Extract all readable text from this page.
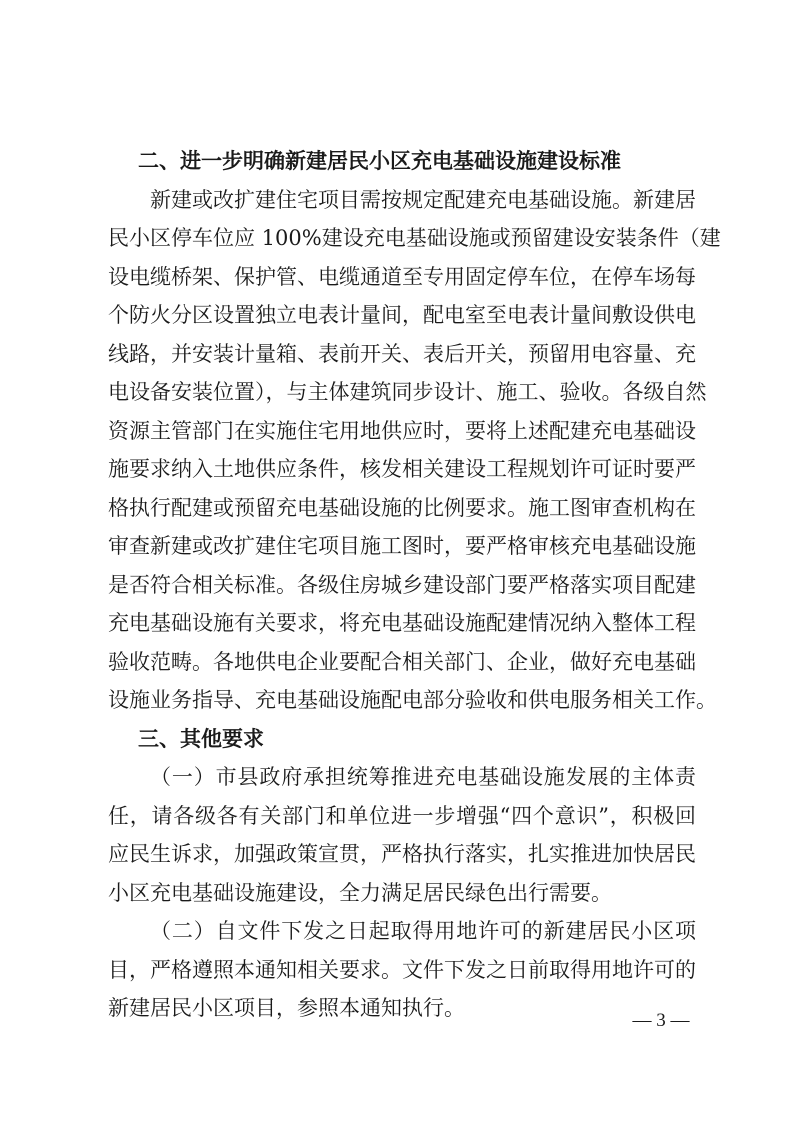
二、进一步明确新建居民小区充电基础设施建设标准
新建或改扩建住宅项目需按规定配建充电基础设施。新建居
民小区停车位应 100%建设充电基础设施或预留建设安装条件（建
设电缆桥架、保护管、电缆通道至专用固定停车位，在停车场每
个防火分区设置独立电表计量间，配电室至电表计量间敷设供电
线路，并安装计量箱、表前开关、表后开关，预留用电容量、充
电设备安装位置），与主体建筑同步设计、施工、验收。各级自然
资源主管部门在实施住宅用地供应时，要将上述配建充电基础设
施要求纳入土地供应条件，核发相关建设工程规划许可证时要严
格执行配建或预留充电基础设施的比例要求。施工图审查机构在
审查新建或改扩建住宅项目施工图时，要严格审核充电基础设施
是否符合相关标准。各级住房城乡建设部门要严格落实项目配建
充电基础设施有关要求，将充电基础设施配建情况纳入整体工程
验收范畴。各地供电企业要配合相关部门、企业，做好充电基础
设施业务指导、充电基础设施配电部分验收和供电服务相关工作。
三、其他要求
（一）市县政府承担统筹推进充电基础设施发展的主体责
任，请各级各有关部门和单位进一步增强“四个意识”，积极回
应民生诉求，加强政策宣贯，严格执行落实，扎实推进加快居民
小区充电基础设施建设，全力满足居民绿色出行需要。
（二）自文件下发之日起取得用地许可的新建居民小区项
目，严格遵照本通知相关要求。文件下发之日前取得用地许可的
新建居民小区项目，参照本通知执行。
— 3 —
